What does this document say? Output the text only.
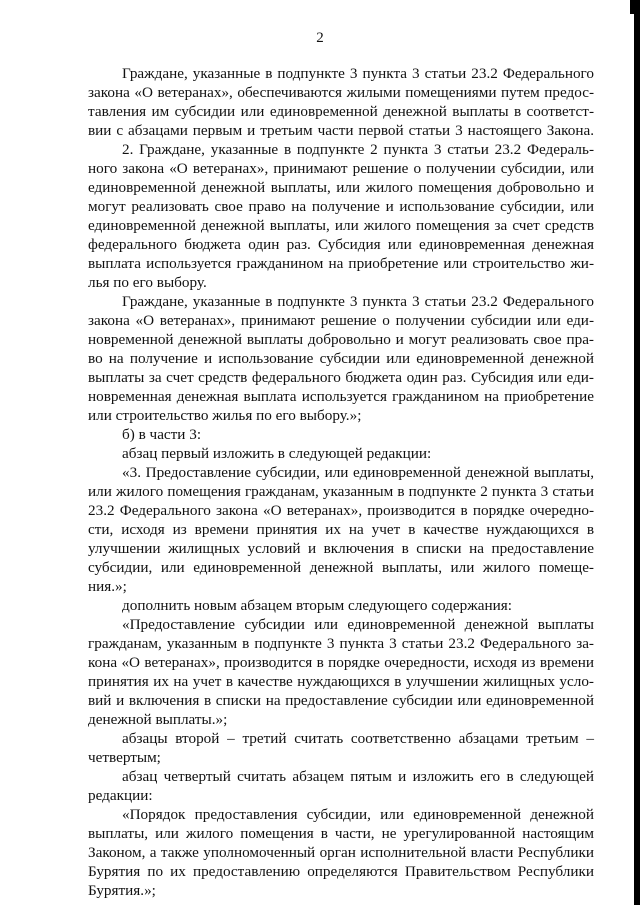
2
Граждане, указанные в подпункте 3 пункта 3 статьи 23.2 Федерального
закона «О ветеранах», обеспечиваются жилыми помещениями путем предос-
тавления им субсидии или единовременной денежной выплаты в соответст-
вии с абзацами первым и третьим части первой статьи 3 настоящего Закона.
2. Граждане, указанные в подпункте 2 пункта 3 статьи 23.2 Федераль-
ного закона «О ветеранах», принимают решение о получении субсидии, или
единовременной денежной выплаты, или жилого помещения добровольно и
могут реализовать свое право на получение и использование субсидии, или
единовременной денежной выплаты, или жилого помещения за счет средств
федерального бюджета один раз. Субсидия или единовременная денежная
выплата используется гражданином на приобретение или строительство жи-
лья по его выбору.
Граждане, указанные в подпункте 3 пункта 3 статьи 23.2 Федерального
закона «О ветеранах», принимают решение о получении субсидии или еди-
новременной денежной выплаты добровольно и могут реализовать свое пра-
во на получение и использование субсидии или единовременной денежной
выплаты за счет средств федерального бюджета один раз. Субсидия или еди-
новременная денежная выплата используется гражданином на приобретение
или строительство жилья по его выбору.»;
б) в части 3:
абзац первый изложить в следующей редакции:
«3. Предоставление субсидии, или единовременной денежной выплаты,
или жилого помещения гражданам, указанным в подпункте 2 пункта 3 статьи
23.2 Федерального закона «О ветеранах», производится в порядке очередно-
сти, исходя из времени принятия их на учет в качестве нуждающихся в
улучшении жилищных условий и включения в списки на предоставление
субсидии, или единовременной денежной выплаты, или жилого помеще-
ния.»;
дополнить новым абзацем вторым следующего содержания:
«Предоставление субсидии или единовременной денежной выплаты
гражданам, указанным в подпункте 3 пункта 3 статьи 23.2 Федерального за-
кона «О ветеранах», производится в порядке очередности, исходя из времени
принятия их на учет в качестве нуждающихся в улучшении жилищных усло-
вий и включения в списки на предоставление субсидии или единовременной
денежной выплаты.»;
абзацы второй – третий считать соответственно абзацами третьим –
четвертым;
абзац четвертый считать абзацем пятым и изложить его в следующей
редакции:
«Порядок предоставления субсидии, или единовременной денежной
выплаты, или жилого помещения в части, не урегулированной настоящим
Законом, а также уполномоченный орган исполнительной власти Республики
Бурятия по их предоставлению определяются Правительством Республики
Бурятия.»;
